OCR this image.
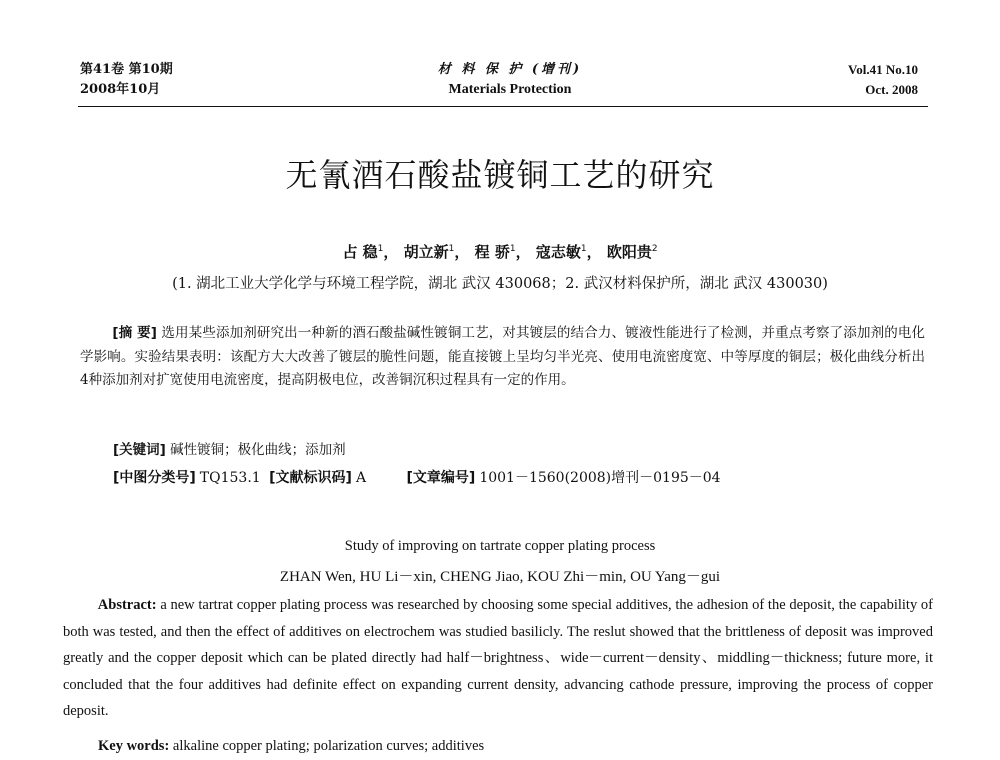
第41卷 第10期
2008年10月
材 料 保 护 (增刊)
Materials Protection
Vol.41 No.10
Oct. 2008
无氰酒石酸盐镀铜工艺的研究
占 稳$^1$， 胡立新$^1$， 程 骄$^1$， 寇志敏$^1$， 欧阳贵$^2$
(1. 湖北工业大学化学与环境工程学院，湖北 武汉 430068；2. 武汉材料保护所，湖北 武汉 430030)
[摘 要] 选用某些添加剂研究出一种新的酒石酸盐碱性镀铜工艺，对其镀层的结合力、镀液性能进行了检测，并重点考察了添加剂的电化学影响。实验结果表明：该配方大大改善了镀层的脆性问题，能直接镀上呈均匀半光亮、使用电流密度宽、中等厚度的铜层；极化曲线分析出4种添加剂对扩宽使用电流密度，提高阴极电位，改善铜沉积过程具有一定的作用。
[关键词] 碱性镀铜；极化曲线；添加剂
[中图分类号] TQ153.1 [文献标识码] A	[文章编号] 1001－1560(2008)增刊－0195－04
Study of improving on tartrate copper plating process
ZHAN Wen, HU Li－xin, CHENG Jiao, KOU Zhi－min, OU Yang－gui
Abstract: a new tartrat copper plating process was researched by choosing some special additives, the adhesion of the deposit, the capability of both was tested, and then the effect of additives on electrochem was studied basilicly. The reslut showed that the brittleness of deposit was improved greatly and the copper deposit which can be plated directly had half－brightness、wide－current－density、middling－thickness; future more, it concluded that the four additives had definite effect on expanding current density, advancing cathode pressure, improving the process of copper deposit.
Key words: alkaline copper plating; polarization curves; additives
